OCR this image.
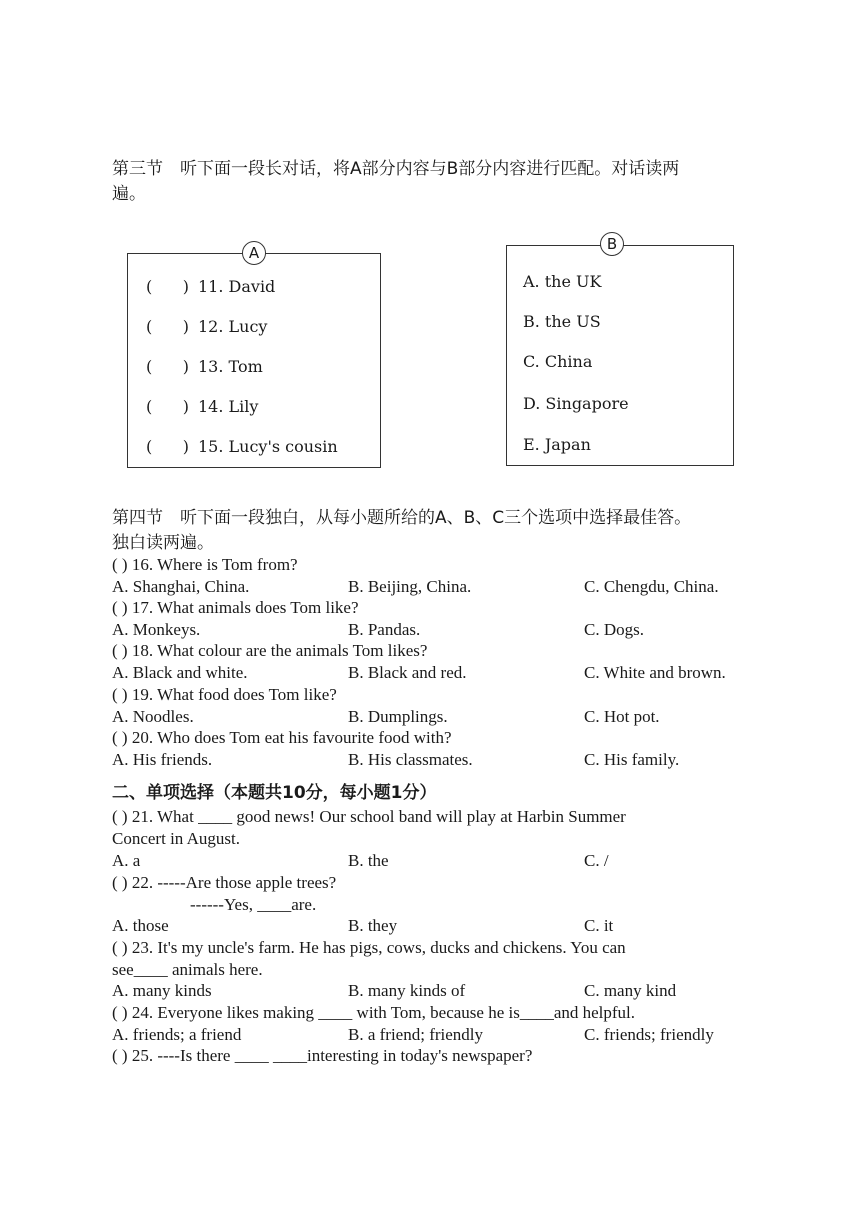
第三节　听下面一段长对话，将A部分内容与B部分内容进行匹配。对话读两
遍。
A
(      ) 11. David
(      ) 12. Lucy
(      ) 13. Tom
(      ) 14. Lily
(      ) 15. Lucy's cousin
B
A. the UK
B. the US
C. China
D. Singapore
E. Japan
第四节　听下面一段独白，从每小题所给的A、B、C三个选项中选择最佳答。
独白读两遍。
( ) 16. Where is Tom from?
A. Shanghai, China.	B. Beijing, China.	C. Chengdu, China.
( ) 17. What animals does Tom like?
A. Monkeys.	B. Pandas.	C. Dogs.
( ) 18. What colour are the animals Tom likes?
A. Black and white.	B. Black and red.	C. White and brown.
( ) 19. What food does Tom like?
A. Noodles.	B. Dumplings.	C. Hot pot.
( ) 20. Who does Tom eat his favourite food with?
A. His friends.	B. His classmates.	C. His family.
二、单项选择（本题共10分，每小题1分）
( ) 21. What ____ good news! Our school band will play at Harbin Summer
Concert in August.
A. a	B. the	C. /
( ) 22. -----Are those apple trees?
------Yes, ____are.
A. those	B. they	C. it
( ) 23. It's my uncle's farm. He has pigs, cows, ducks and chickens. You can
see____ animals here.
A. many kinds	B. many kinds of	C. many kind
( ) 24. Everyone likes making ____ with Tom, because he is____and helpful.
A. friends; a friend	B. a friend; friendly	C. friends; friendly
( ) 25. ----Is there ____ ____interesting in today's newspaper?
